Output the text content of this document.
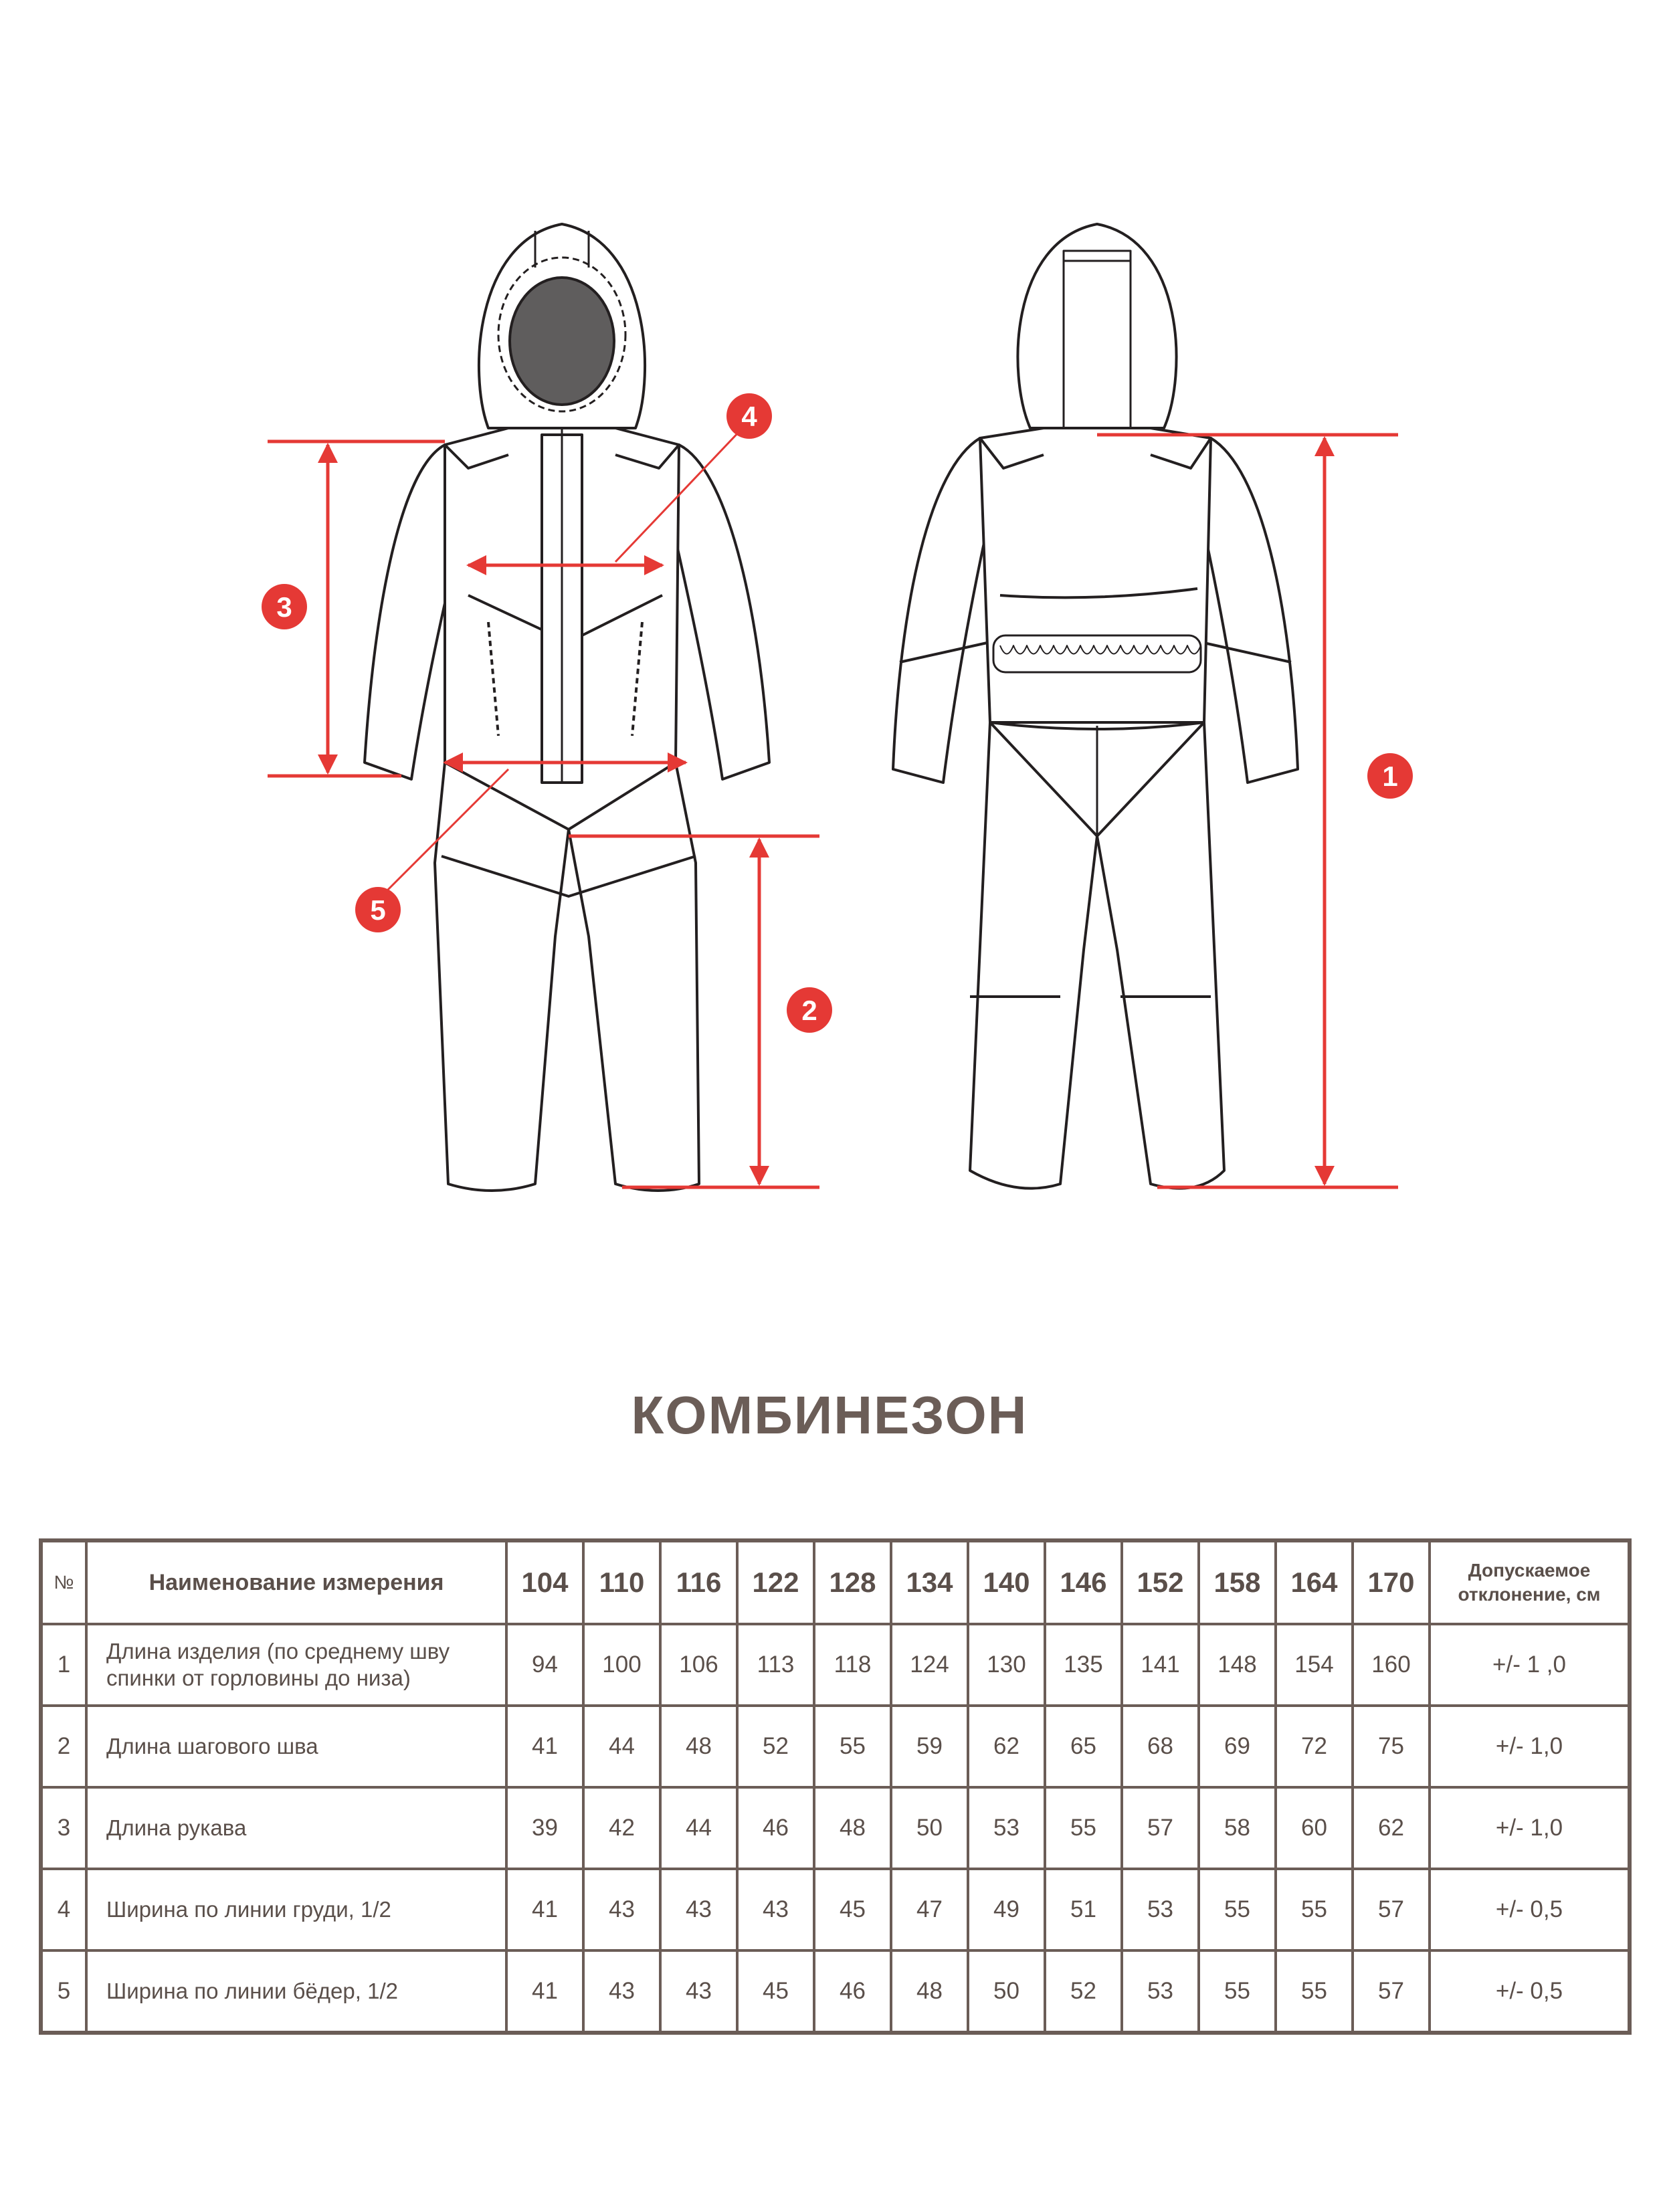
3
4
5
2
1
КОМБИНЕЗОН
№	Наименование измерения	104	110	116	122	128	134	140	146	152	158	164	170	Допускаемое
отклонение, см

1	Длина изделия (по среднему шву спинки от горловины до низа)	94	100	106	113	118	124	130	135	141	148	154	160	+/- 1 ,0
2	Длина шагового шва	41	44	48	52	55	59	62	65	68	69	72	75	+/- 1,0
3	Длина рукава	39	42	44	46	48	50	53	55	57	58	60	62	+/- 1,0
4	Ширина по линии груди, 1/2	41	43	43	43	45	47	49	51	53	55	55	57	+/- 0,5
5	Ширина по линии бёдер, 1/2	41	43	43	45	46	48	50	52	53	55	55	57	+/- 0,5
